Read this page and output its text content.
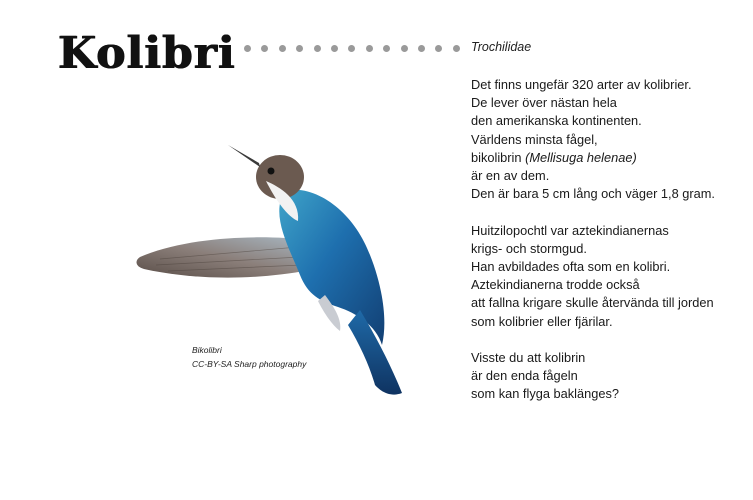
Kolibri	Trochilidae

Det finns ungefär 320 arter av kolibrier.
De lever över nästan hela
den amerikanska kontinenten.
Världens minsta fågel,
bikolibrin (Mellisuga helenae)
är en av dem.
Den är bara 5 cm lång och väger 1,8 gram.

Huitzilopochtl var aztekindianernas
krigs- och stormgud.
Han avbildades ofta som en kolibri.
Aztekindianerna trodde också
att fallna krigare skulle återvända till jorden
som kolibrier eller fjärilar.

Visste du att kolibrin
är den enda fågeln
som kan flyga baklänges?

Bikolibri
CC-BY-SA Sharp photography
